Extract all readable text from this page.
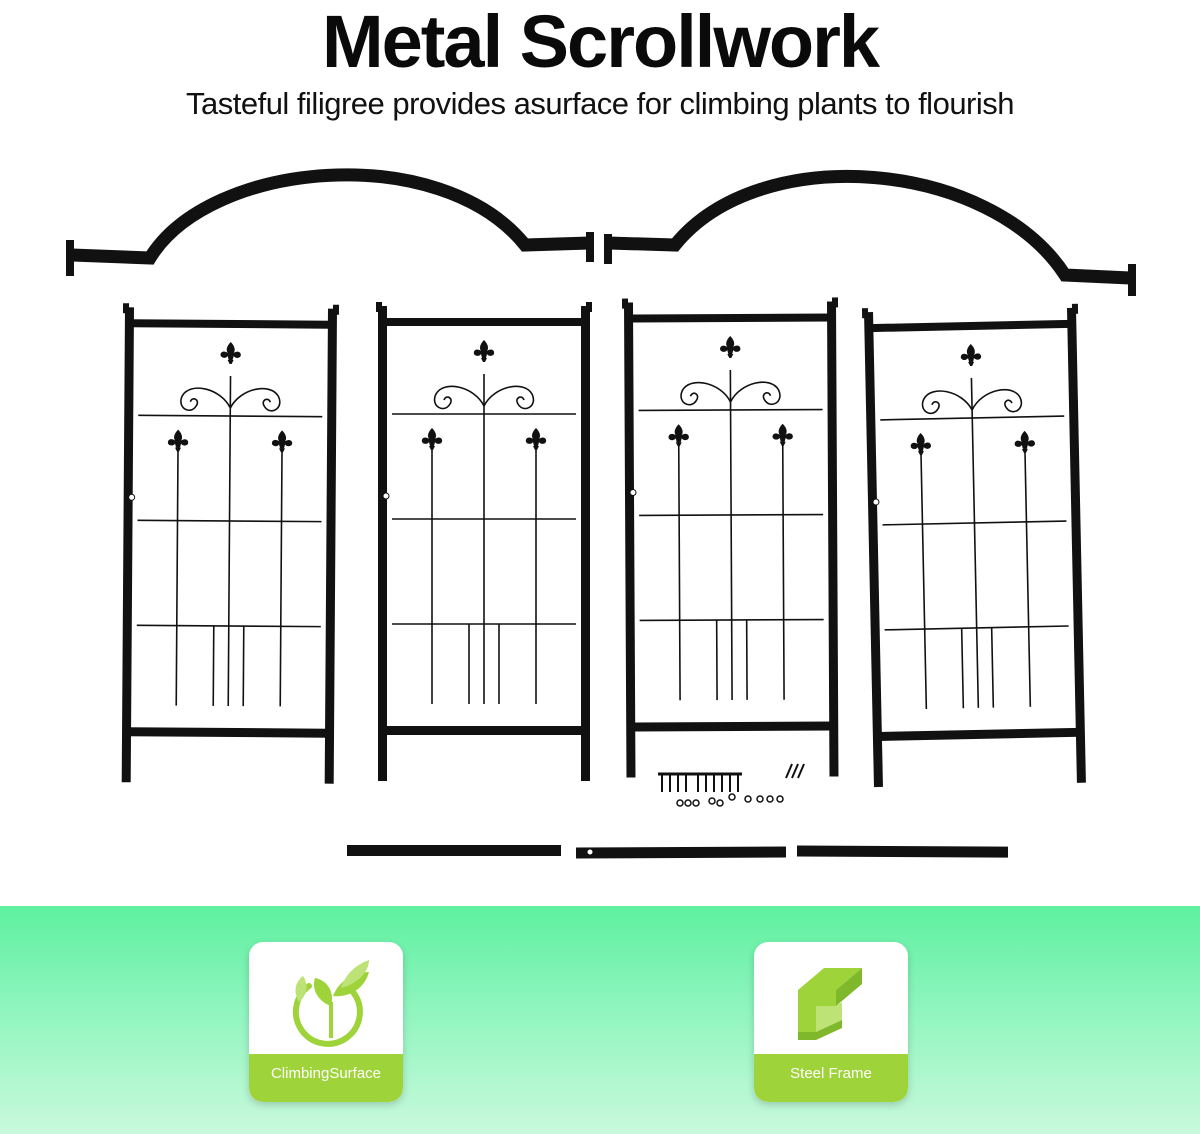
Metal Scrollwork

Tasteful filigree provides asurface for climbing plants to flourish

ClimbingSurface	Steel Frame
